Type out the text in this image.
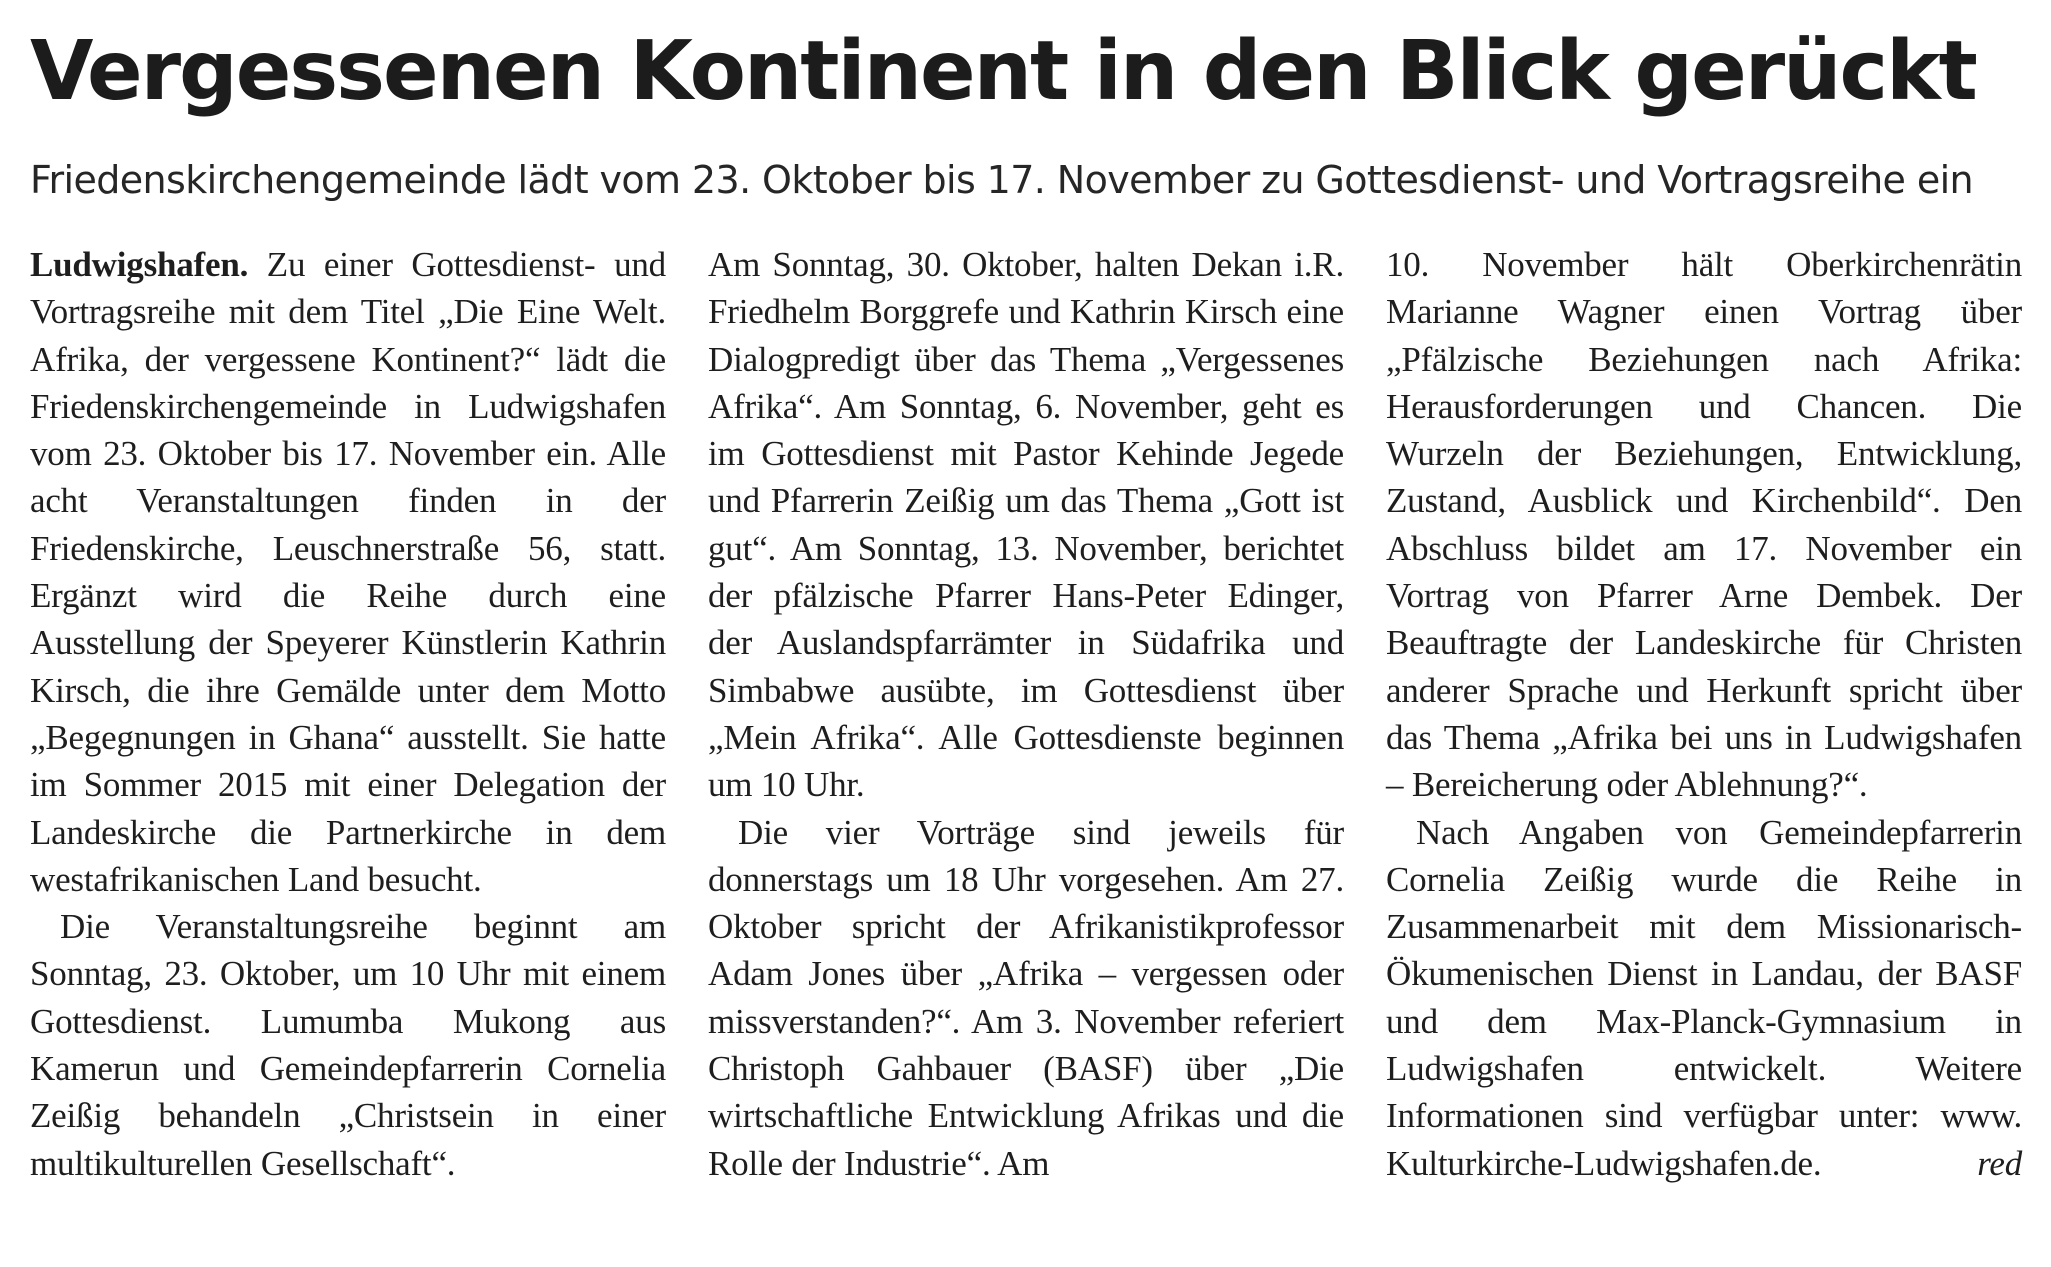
Vergessenen Kontinent in den Blick gerückt
Friedenskirchengemeinde lädt vom 23. Oktober bis 17. November zu Gottesdienst- und Vortragsreihe ein

Ludwigshafen. Zu einer Gottesdienst- und Vortragsreihe mit dem Titel „Die Eine Welt. Afrika, der vergessene Kontinent?“ lädt die Friedenskirchengemeinde in Ludwigshafen vom 23. Oktober bis 17. November ein. Alle acht Veranstaltungen finden in der Friedenskirche, Leuschnerstraße 56, statt. Ergänzt wird die Reihe durch eine Ausstellung der Speyerer Künstlerin Kathrin Kirsch, die ihre Gemälde unter dem Motto „Begegnungen in Ghana“ ausstellt. Sie hatte im Sommer 2015 mit einer Delegation der Landeskirche die Partnerkirche in dem westafrikanischen Land besucht.

Die Veranstaltungsreihe beginnt am Sonntag, 23. Oktober, um 10 Uhr mit einem Gottesdienst. Lumumba Mukong aus Kamerun und Gemeindepfarrerin Cornelia Zeißig behandeln „Christsein in einer multikulturellen Gesellschaft“.

Am Sonntag, 30. Oktober, halten Dekan i.R. Friedhelm Borggrefe und Kathrin Kirsch eine Dialogpredigt über das Thema „Vergessenes Afrika“. Am Sonntag, 6. November, geht es im Gottesdienst mit Pastor Kehinde Jegede und Pfarrerin Zeißig um das Thema „Gott ist gut“. Am Sonntag, 13. November, berichtet der pfälzische Pfarrer Hans-Peter Edinger, der Auslandspfarrämter in Südafrika und Simbabwe ausübte, im Gottesdienst über „Mein Afrika“. Alle Gottesdienste beginnen um 10 Uhr.

Die vier Vorträge sind jeweils für donnerstags um 18 Uhr vorgesehen. Am 27. Oktober spricht der Afrikanistikprofessor Adam Jones über „Afrika – vergessen oder missverstanden?“. Am 3. November referiert Christoph Gahbauer (BASF) über „Die wirtschaftliche Entwicklung Afrikas und die Rolle der Industrie“. Am

10. November hält Oberkirchenrätin Marianne Wagner einen Vortrag über „Pfälzische Beziehungen nach Afrika: Herausforderungen und Chancen. Die Wurzeln der Beziehungen, Entwicklung, Zustand, Ausblick und Kirchenbild“. Den Abschluss bildet am 17. November ein Vortrag von Pfarrer Arne Dembek. Der Beauftragte der Landeskirche für Christen anderer Sprache und Herkunft spricht über das Thema „Afrika bei uns in Ludwigshafen – Bereicherung oder Ablehnung?“.

Nach Angaben von Gemeindepfarrerin Cornelia Zeißig wurde die Reihe in Zusammenarbeit mit dem Missionarisch-Ökumenischen Dienst in Landau, der BASF und dem Max-Planck-Gymnasium in Ludwigshafen entwickelt. Weitere Informationen sind verfügbar unter: www. Kulturkirche-Ludwigshafen.de.	red
